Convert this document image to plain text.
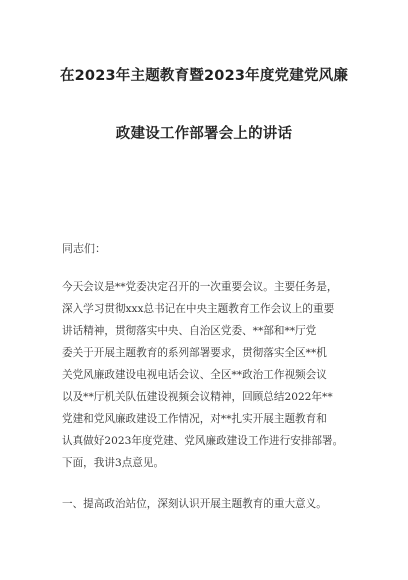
在2023年主题教育暨2023年度党建党风廉
政建设工作部署会上的讲话
同志们：
今天会议是**党委决定召开的一次重要会议。主要任务是，
深入学习贯彻xxx总书记在中央主题教育工作会议上的重要
讲话精神，贯彻落实中央、自治区党委、**部和**厅党
委关于开展主题教育的系列部署要求，贯彻落实全区**机
关党风廉政建设电视电话会议、全区**政治工作视频会议
以及**厅机关队伍建设视频会议精神，回顾总结2022年**
党建和党风廉政建设工作情况，对**扎实开展主题教育和
认真做好2023年度党建、党风廉政建设工作进行安排部署。
下面，我讲3点意见。
一、提高政治站位，深刻认识开展主题教育的重大意义。
